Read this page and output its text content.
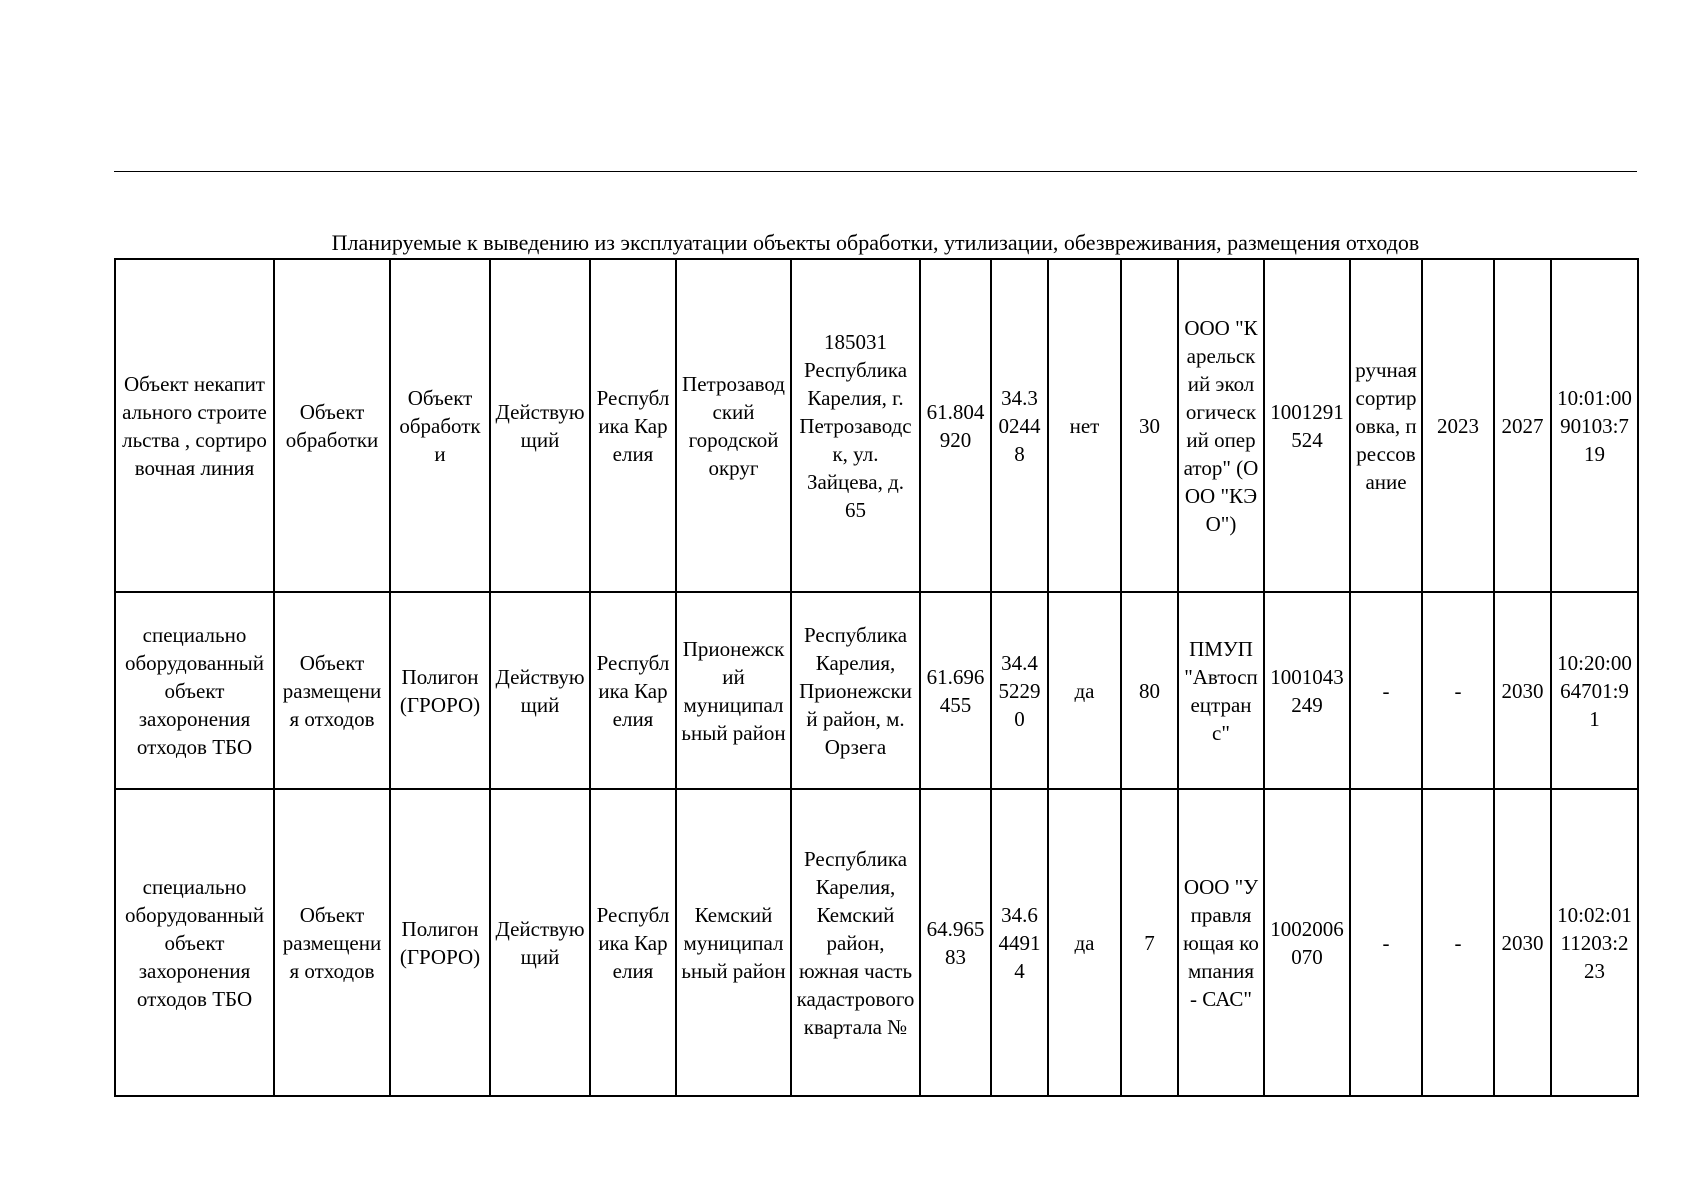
Планируемые к выведению из эксплуатации объекты обработки, утилизации, обезвреживания, размещения отходов
Объект некапитального строительства , сортировочная линия	Объект обработки	Объект обработки	Действующий	Республика Карелия	Петрозаводский городской округ	185031 Республика Карелия, г. Петрозаводск, ул. Зайцева, д. 65	61.804920	34.302448	нет	30	ООО "Карельский экологический оператор" (ООО "КЭО")	1001291524	ручная сортировка, прессование	2023	2027	10:01:0090103:719
специально оборудованный объект захоронения отходов ТБО	Объект размещения отходов	Полигон (ГРОРО)	Действующий	Республика Карелия	Прионежский муниципальный район	Республика Карелия, Прионежский район, м. Орзега	61.696455	34.452290	да	80	ПМУП "Автоспецтранс"	1001043249	-	-	2030	10:20:0064701:91
специально оборудованный объект захоронения отходов ТБО	Объект размещения отходов	Полигон (ГРОРО)	Действующий	Республика Карелия	Кемский муниципальный район	Республика Карелия, Кемский район, южная часть кадастрового квартала №	64.96583	34.644914	да	7	ООО "Управляющая компания - САС"	1002006070	-	-	2030	10:02:0111203:223
